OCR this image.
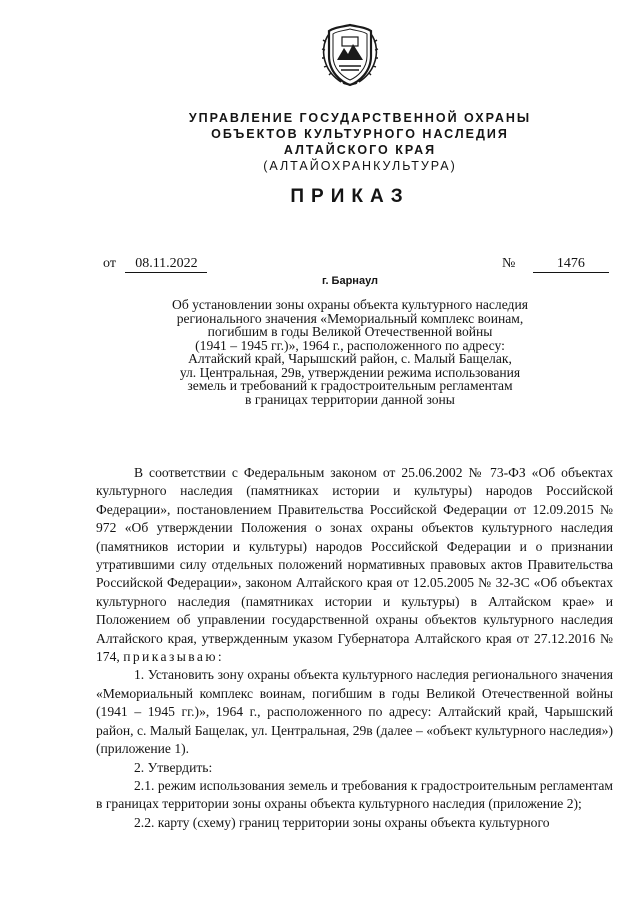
УПРАВЛЕНИЕ ГОСУДАРСТВЕННОЙ ОХРАНЫ
ОБЪЕКТОВ КУЛЬТУРНОГО НАСЛЕДИЯ
АЛТАЙСКОГО КРАЯ
(АЛТАЙОХРАНКУЛЬТУРА)
ПРИКАЗ
от 08.11.2022	№	1476
г. Барнаул
Об установлении зоны охраны объекта культурного наследия
регионального значения «Мемориальный комплекс воинам,
погибшим в годы Великой Отечественной войны
(1941 – 1945 гг.)», 1964 г., расположенного по адресу:
Алтайский край, Чарышский район, с. Малый Бащелак,
ул. Центральная, 29в, утверждении режима использования
земель и требований к градостроительным регламентам
в границах территории данной зоны

В соответствии с Федеральным законом от 25.06.2002 № 73-ФЗ «Об объектах культурного наследия (памятниках истории и культуры) народов Российской Федерации», постановлением Правительства Российской Федерации от 12.09.2015 № 972 «Об утверждении Положения о зонах охраны объектов культурного наследия (памятников истории и культуры) народов Российской Федерации и о признании утратившими силу отдельных положений нормативных правовых актов Правительства Российской Федерации», законом Алтайского края от 12.05.2005 № 32-ЗС «Об объектах культурного наследия (памятниках истории и культуры) в Алтайском крае» и Положением об управлении государственной охраны объектов культурного наследия Алтайского края, утвержденным указом Губернатора Алтайского края от 27.12.2016 № 174, приказываю:

1. Установить зону охраны объекта культурного наследия регионального значения «Мемориальный комплекс воинам, погибшим в годы Великой Отечественной войны (1941 – 1945 гг.)», 1964 г., расположенного по адресу: Алтайский край, Чарышский район, с. Малый Бащелак, ул. Центральная, 29в (далее – «объект культурного наследия») (приложение 1).

2. Утвердить:

2.1. режим использования земель и требования к градостроительным регламентам в границах территории зоны охраны объекта культурного наследия (приложение 2);

2.2. карту (схему) границ территории зоны охраны объекта культурного
